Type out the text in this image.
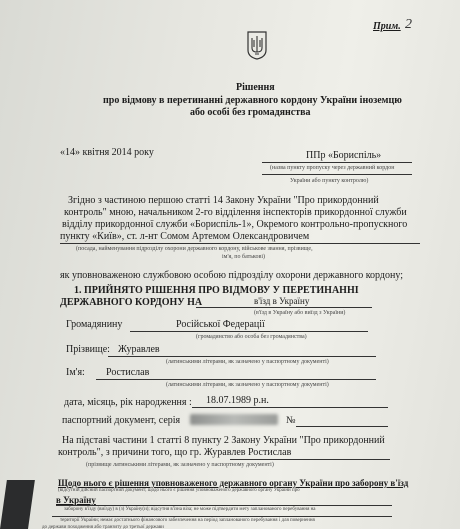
Прим. 2
Рішення
про відмову в перетинанні державного кордону України іноземцю
або особі без громадянства
«14» квітня 2014 року	ППр «Бориспіль»
(назва пункту пропуску через державний кордон
України або пункту контролю)
Згідно з частиною першою статті 14 Закону України "Про прикордонний
контроль" мною, начальником 2-го відділення інспекторів прикордонної служби
відділу прикордонної служби «Бориспіль-1», Окремого контрольно-пропускного
пункту «Київ», ст. л-нт Сомом Артемом Олександровичем
(посада, найменування підрозділу охорони державного кордону, військове звання, прізвище,
ім'я, по батькові)
як уповноваженою службовою особою підрозділу охорони державного кордону;
1. ПРИЙНЯТО РІШЕННЯ ПРО ВІДМОВУ У ПЕРЕТИНАННІ
ДЕРЖАВНОГО КОРДОНУ НА	в'їзд в Україну
(в'їзд в Україну або виїзд з України)
Громадянину	Російської Федерації
(громадянство або особа без громадянства)
Прізвище: Журавлев
(латинськими літерами, як зазначено у паспортному документі)
Ім'я: Ростислав
(латинськими літерами, як зазначено у паспортному документі)
дата, місяць, рік народження : 18.07.1989 р.н.
паспортний документ, серія	№
На підставі частини 1 статті 8 пункту 2 Закону України "Про прикордонний
контроль", з причини того, що гр. Журавлев Ростислав
(прізвище латинськими літерами, як зазначено у паспортному документі)
Щодо нього є рішення уповноваженого державного органу України про заборону в'їзд
(відсутній дійсний паспортний документ; щодо нього є рішення уповноваженого державного органу України про
в Україну
заборону в'їзду (виїзду) в (з) Україну(и); відсутня в'їзна віза; не може підтвердити мету запланованого перебування на
території України; немає достатнього фінансового забезпечення на період запланованого перебування і для повернення
до держави походження або транзиту до третьої держави
